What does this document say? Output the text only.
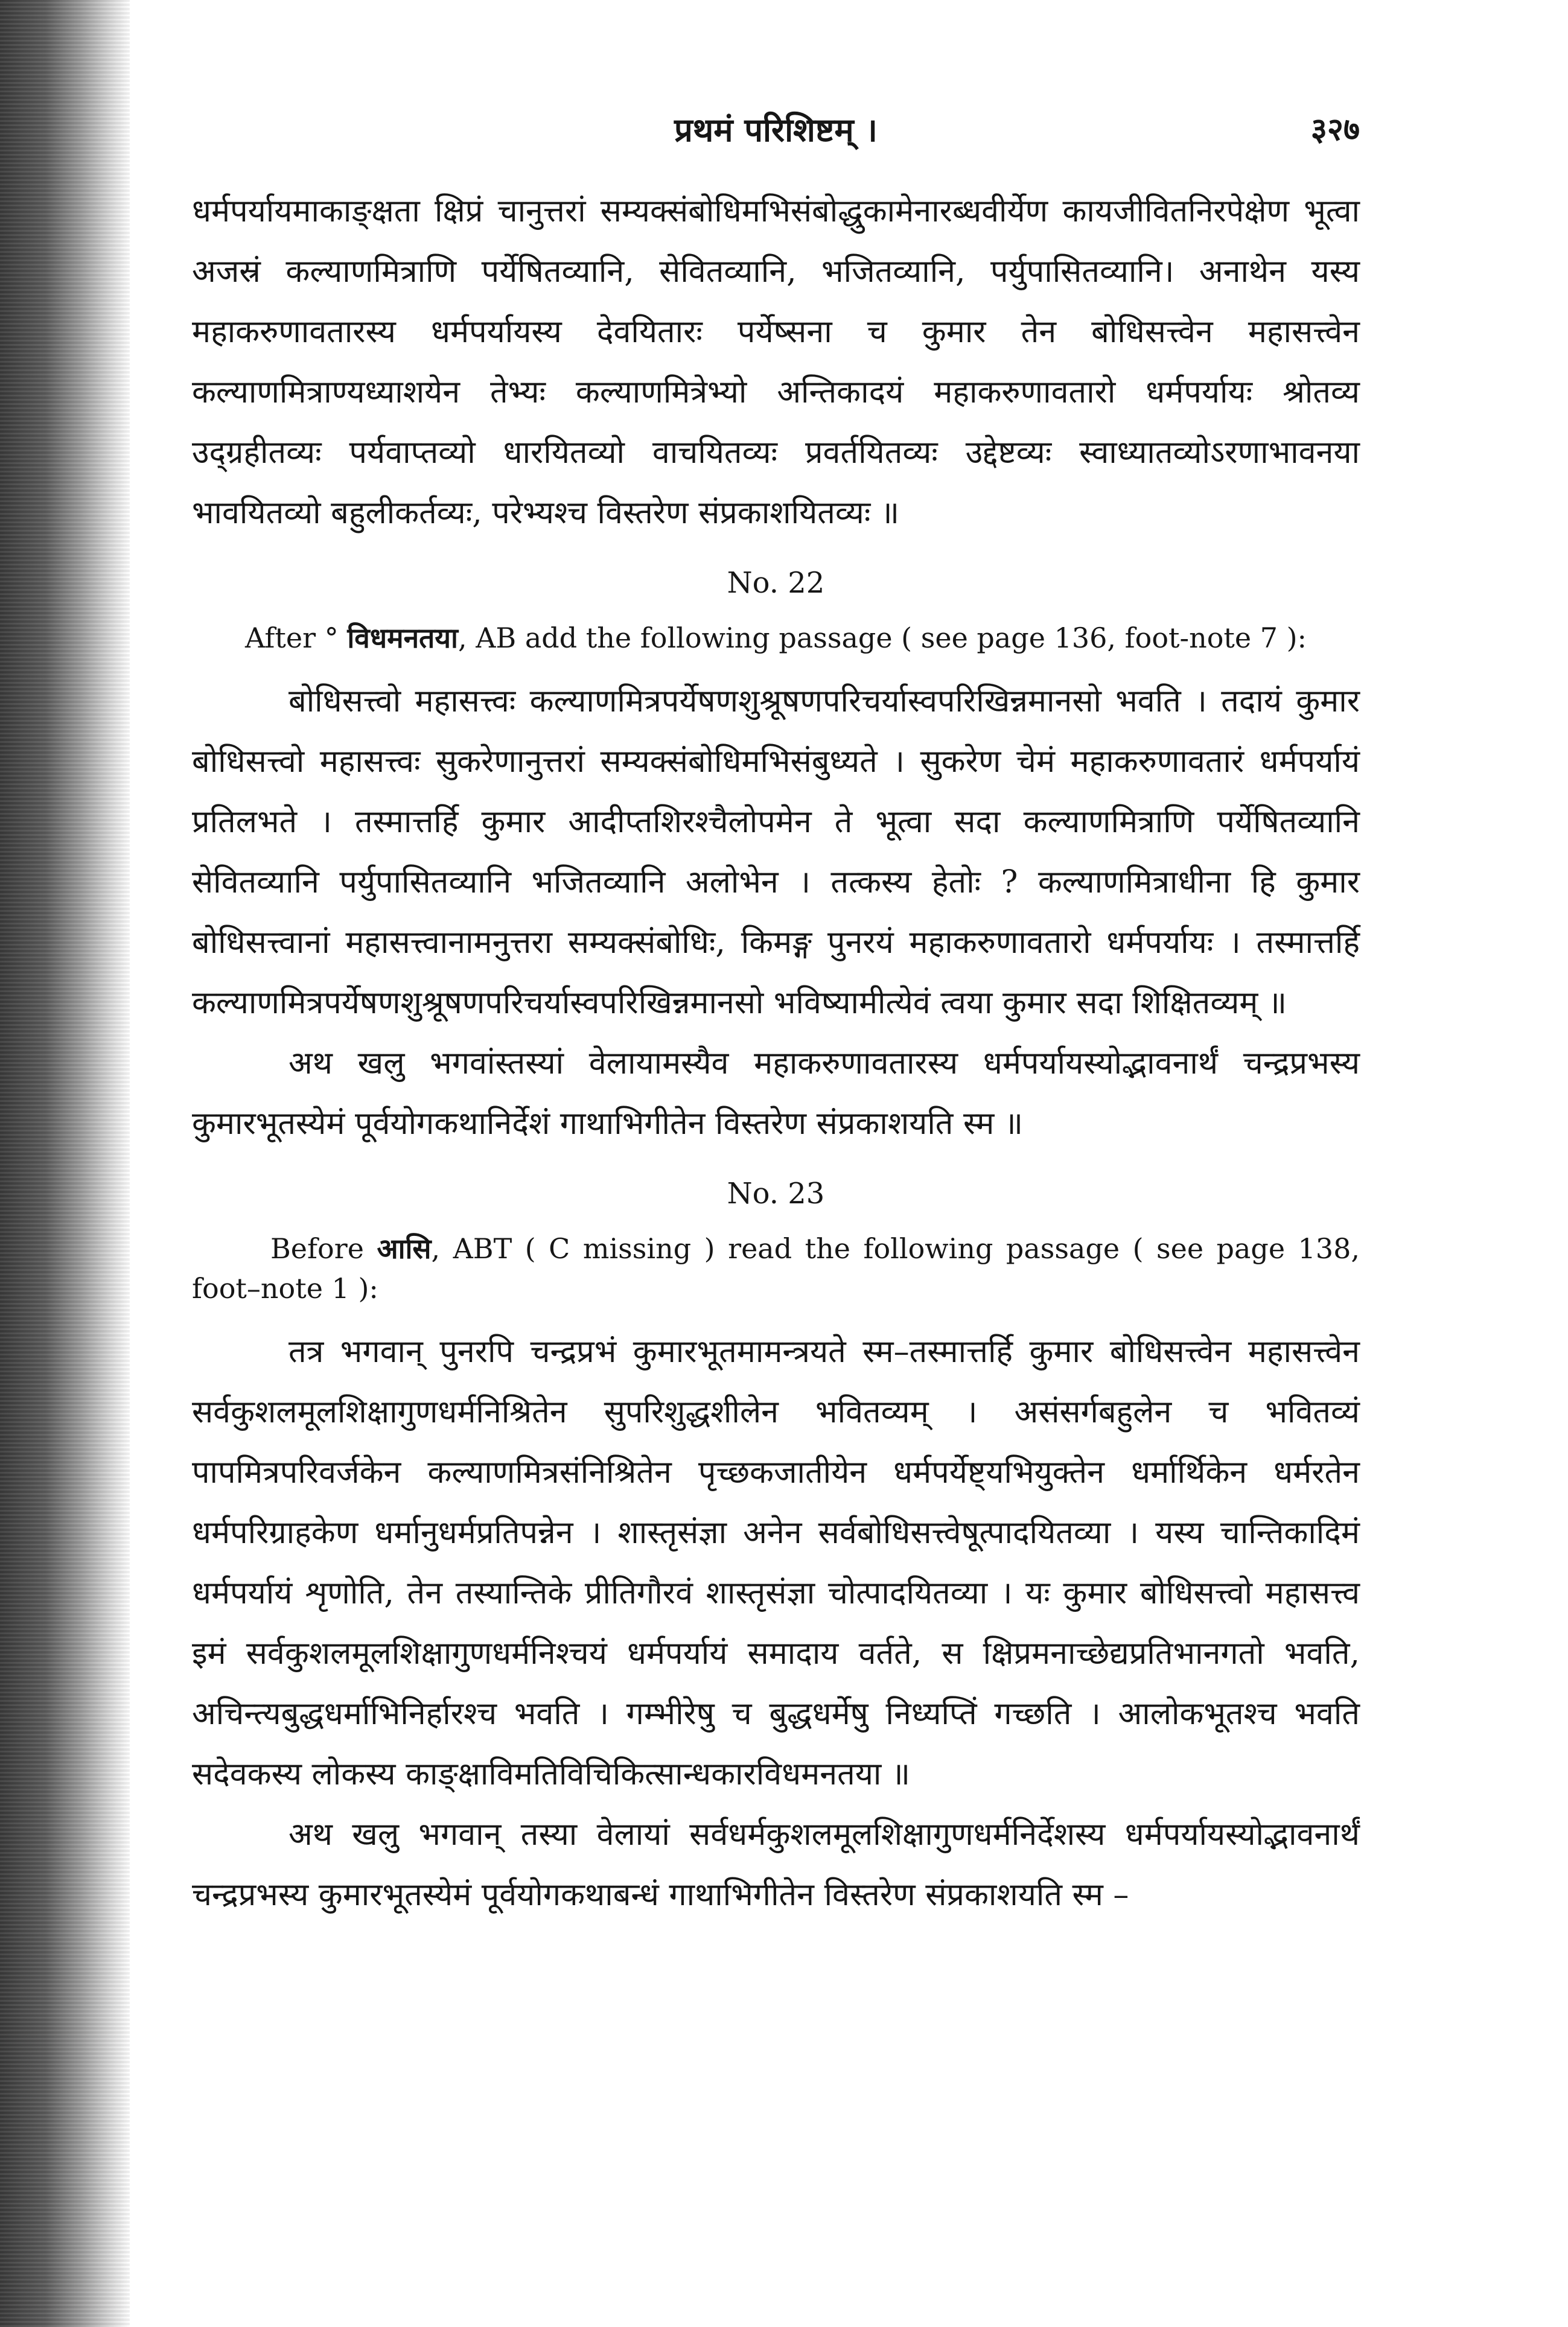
प्रथमं परिशिष्टम् ।	३२७

धर्मपर्यायमाकाङ्क्षता क्षिप्रं चानुत्तरां सम्यक्संबोधिमभिसंबोद्धुकामेनारब्धवीर्येण कायजीवितनिरपेक्षेण भूत्वा अजस्रं कल्याणमित्राणि पर्येषितव्यानि, सेवितव्यानि, भजितव्यानि, पर्युपासितव्यानि। अनाथेन यस्य महाकरुणावतारस्य धर्मपर्यायस्य देवयितारः पर्येष्सना च कुमार तेन बोधिसत्त्वेन महासत्त्वेन कल्याणमित्राण्यध्याशयेन तेभ्यः कल्याणमित्रेभ्यो अन्तिकादयं महाकरुणावतारो धर्मपर्यायः श्रोतव्य उद्ग्रहीतव्यः पर्यवाप्तव्यो धारयितव्यो वाचयितव्यः प्रवर्तयितव्यः उद्देष्टव्यः स्वाध्यातव्योऽरणाभावनया भावयितव्यो बहुलीकर्तव्यः, परेभ्यश्च विस्तरेण संप्रकाशयितव्यः ॥

No. 22

After ° विधमनतया, AB add the following passage ( see page 136, foot-note 7 ):

बोधिसत्त्वो महासत्त्वः कल्याणमित्रपर्येषणशुश्रूषणपरिचर्यास्वपरिखिन्नमानसो भवति । तदायं कुमार बोधिसत्त्वो महासत्त्वः सुकरेणानुत्तरां सम्यक्संबोधिमभिसंबुध्यते । सुकरेण चेमं महाकरुणावतारं धर्मपर्यायं प्रतिलभते । तस्मात्तर्हि कुमार आदीप्तशिरश्चैलोपमेन ते भूत्वा सदा कल्याणमित्राणि पर्येषितव्यानि सेवितव्यानि पर्युपासितव्यानि भजितव्यानि अलोभेन । तत्कस्य हेतोः ? कल्याणमित्राधीना हि कुमार बोधिसत्त्वानां महासत्त्वानामनुत्तरा सम्यक्संबोधिः, किमङ्ग पुनरयं महाकरुणावतारो धर्मपर्यायः । तस्मात्तर्हि कल्याणमित्रपर्येषणशुश्रूषणपरिचर्यास्वपरिखिन्नमानसो भविष्यामीत्येवं त्वया कुमार सदा शिक्षितव्यम् ॥

अथ खलु भगवांस्तस्यां वेलायामस्यैव महाकरुणावतारस्य धर्मपर्यायस्योद्भावनार्थं चन्द्रप्रभस्य कुमारभूतस्येमं पूर्वयोगकथानिर्देशं गाथाभिगीतेन विस्तरेण संप्रकाशयति स्म ॥

No. 23

Before आसि, ABT ( C missing ) read the following passage ( see page 138, foot–note 1 ):

तत्र भगवान् पुनरपि चन्द्रप्रभं कुमारभूतमामन्त्रयते स्म–तस्मात्तर्हि कुमार बोधिसत्त्वेन महासत्त्वेन सर्वकुशलमूलशिक्षागुणधर्मनिश्रितेन सुपरिशुद्धशीलेन भवितव्यम् । असंसर्गबहुलेन च भवितव्यं पापमित्रपरिवर्जकेन कल्याणमित्रसंनिश्रितेन पृच्छकजातीयेन धर्मपर्येष्ट्यभियुक्तेन धर्मार्थिकेन धर्मरतेन धर्मपरिग्राहकेण धर्मानुधर्मप्रतिपन्नेन । शास्तृसंज्ञा अनेन सर्वबोधिसत्त्वेषूत्पादयितव्या । यस्य चान्तिकादिमं धर्मपर्यायं शृणोति, तेन तस्यान्तिके प्रीतिगौरवं शास्तृसंज्ञा चोत्पादयितव्या । यः कुमार बोधिसत्त्वो महासत्त्व इमं सर्वकुशलमूलशिक्षागुणधर्मनिश्चयं धर्मपर्यायं समादाय वर्तते, स क्षिप्रमनाच्छेद्यप्रतिभानगतो भवति, अचिन्त्यबुद्धधर्माभिनिर्हारश्च भवति । गम्भीरेषु च बुद्धधर्मेषु निध्यप्तिं गच्छति । आलोकभूतश्च भवति सदेवकस्य लोकस्य काङ्क्षाविमतिविचिकित्सान्धकारविधमनतया ॥

अथ खलु भगवान् तस्या वेलायां सर्वधर्मकुशलमूलशिक्षागुणधर्मनिर्देशस्य धर्मपर्यायस्योद्भावनार्थं चन्द्रप्रभस्य कुमारभूतस्येमं पूर्वयोगकथाबन्धं गाथाभिगीतेन विस्तरेण संप्रकाशयति स्म –
